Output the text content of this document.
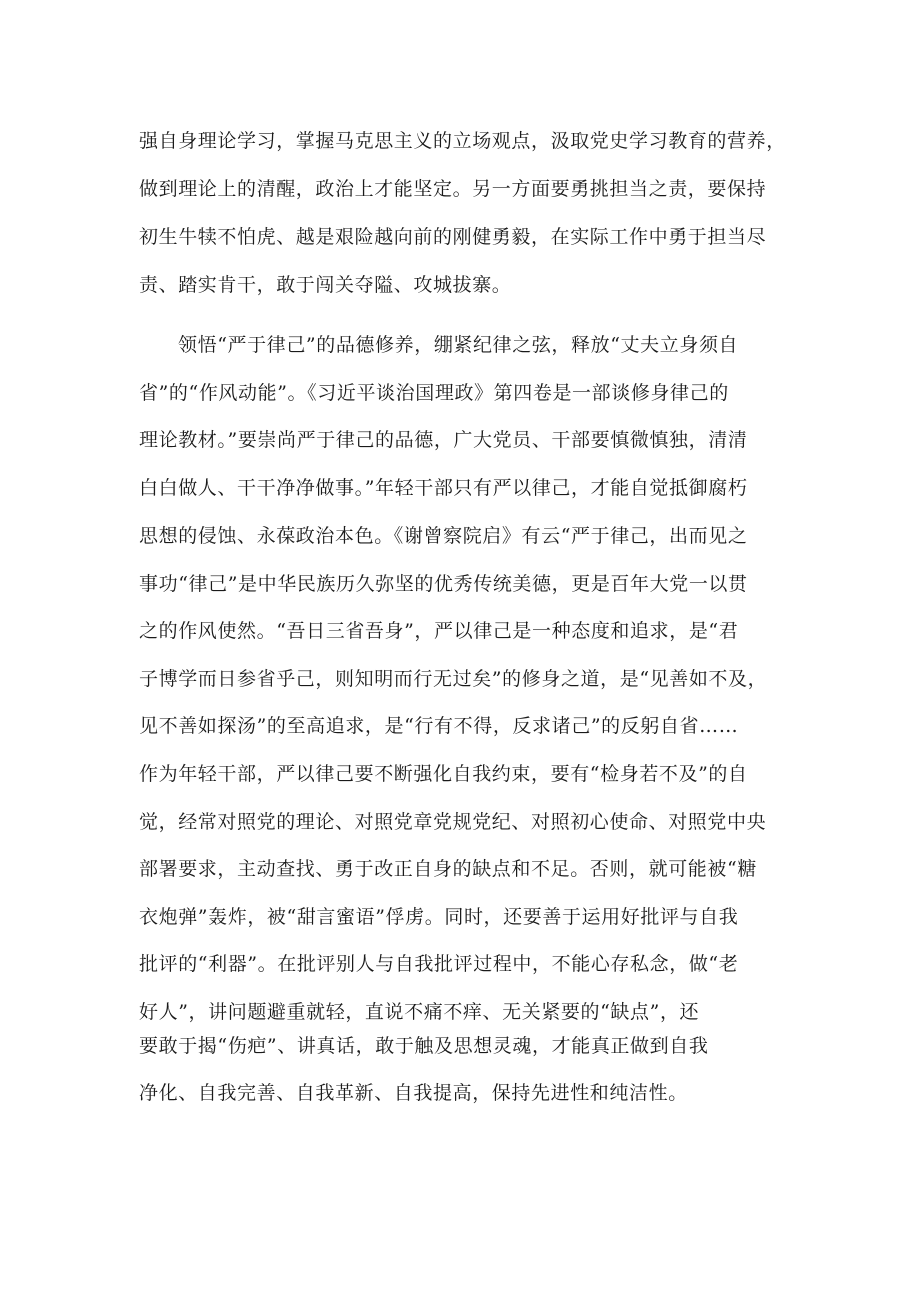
强自身理论学习，掌握马克思主义的立场观点，汲取党史学习教育的营养，
做到理论上的清醒，政治上才能坚定。另一方面要勇挑担当之责，要保持
初生牛犊不怕虎、越是艰险越向前的刚健勇毅，在实际工作中勇于担当尽
责、踏实肯干，敢于闯关夺隘、攻城拔寨。
领悟“严于律己”的品德修养，绷紧纪律之弦，释放“丈夫立身须自
省”的“作风动能”。《习近平谈治国理政》第四卷是一部谈修身律己的
理论教材。”要崇尚严于律己的品德，广大党员、干部要慎微慎独，清清
白白做人、干干净净做事。”年轻干部只有严以律己，才能自觉抵御腐朽
思想的侵蚀、永葆政治本色。《谢曾察院启》有云“严于律己，出而见之
事功“律己”是中华民族历久弥坚的优秀传统美德，更是百年大党一以贯
之的作风使然。“吾日三省吾身”，严以律己是一种态度和追求，是“君
子博学而日参省乎己，则知明而行无过矣”的修身之道，是“见善如不及，
见不善如探汤”的至高追求，是“行有不得，反求诸己”的反躬自省……
作为年轻干部，严以律己要不断强化自我约束，要有“检身若不及”的自
觉，经常对照党的理论、对照党章党规党纪、对照初心使命、对照党中央
部署要求，主动查找、勇于改正自身的缺点和不足。否则，就可能被“糖
衣炮弹”轰炸，被“甜言蜜语”俘虏。同时，还要善于运用好批评与自我
批评的“利器”。在批评别人与自我批评过程中，不能心存私念，做“老
好人”，讲问题避重就轻，直说不痛不痒、无关紧要的“缺点”，还
要敢于揭“伤疤”、讲真话，敢于触及思想灵魂，才能真正做到自我
净化、自我完善、自我革新、自我提高，保持先进性和纯洁性。
